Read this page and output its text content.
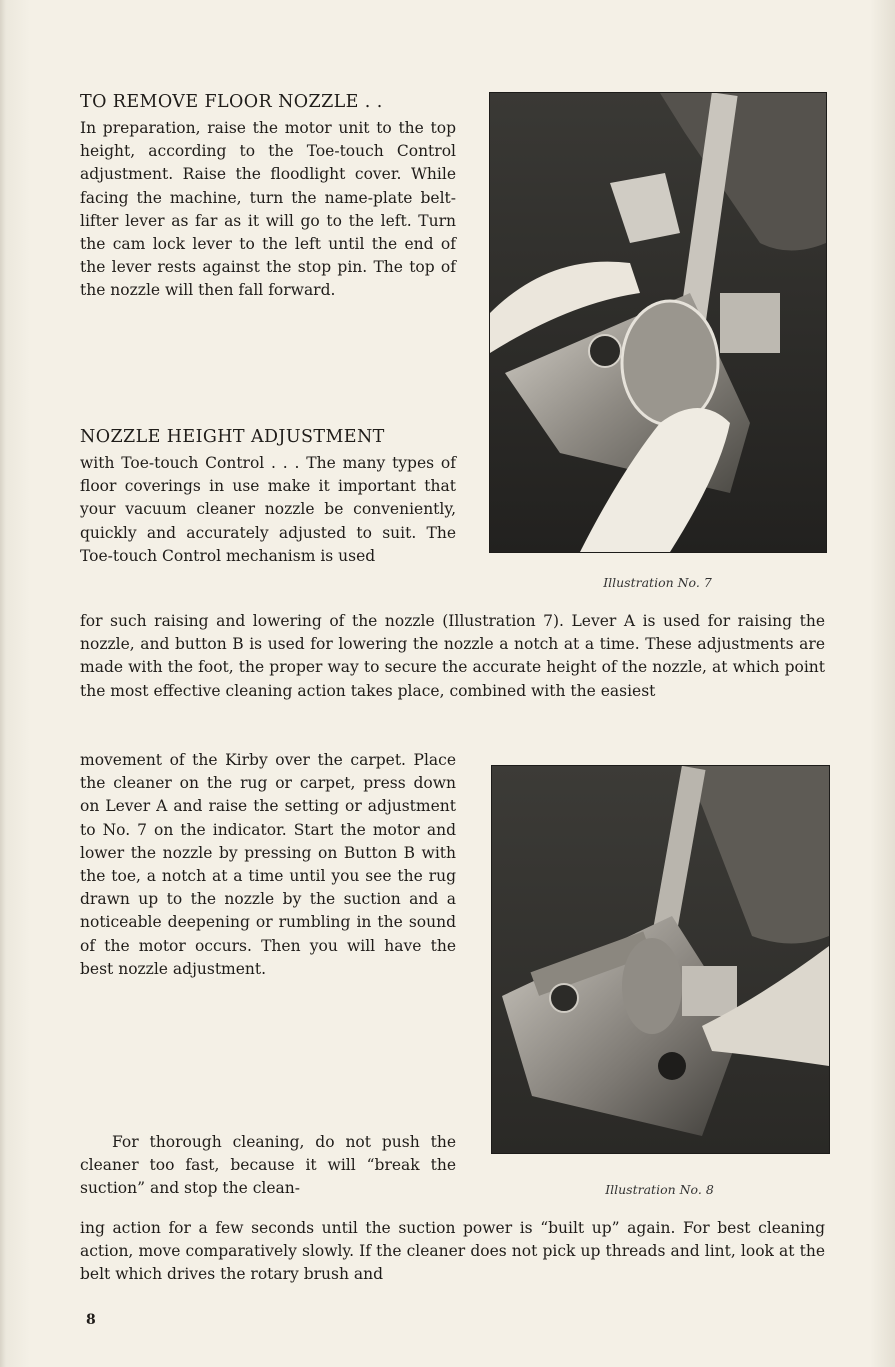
TO REMOVE FLOOR NOZZLE . .

In preparation, raise the motor unit to the top height, according to the Toe-touch Control adjustment. Raise the floodlight cover. While facing the machine, turn the name-plate belt-lifter lever as far as it will go to the left. Turn the cam lock lever to the left until the end of the lever rests against the stop pin. The top of the nozzle will then fall forward.

NOZZLE HEIGHT ADJUSTMENT

with Toe-touch Control . . . The many types of floor coverings in use make it important that your vacuum cleaner nozzle be conveniently, quickly and accurately adjusted to suit. The Toe-touch Control mechanism is used

Illustration No. 7

for such raising and lowering of the nozzle (Illustration 7). Lever A is used for raising the nozzle, and button B is used for lowering the nozzle a notch at a time. These adjustments are made with the foot, the proper way to secure the accurate height of the nozzle, at which point the most effective cleaning action takes place, combined with the easiest

movement of the Kirby over the carpet. Place the cleaner on the rug or carpet, press down on Lever A and raise the setting or adjustment to No. 7 on the indicator. Start the motor and lower the nozzle by pressing on Button B with the toe, a notch at a time until you see the rug drawn up to the nozzle by the suction and a noticeable deepening or rumbling in the sound of the motor occurs. Then you will have the best nozzle adjustment.

Illustration No. 8

For thorough cleaning, do not push the cleaner too fast, because it will “break the suction” and stop the clean-

ing action for a few seconds until the suction power is “built up” again. For best cleaning action, move comparatively slowly. If the cleaner does not pick up threads and lint, look at the belt which drives the rotary brush and

8
